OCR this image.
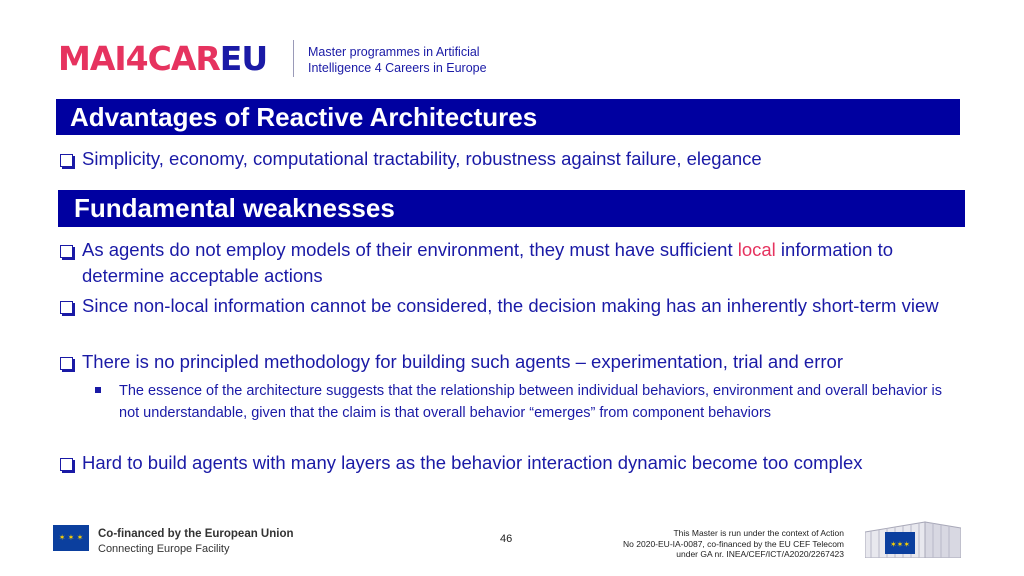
MAI4CAREU	Master programmes in Artificial
Intelligence 4 Careers in Europe
Advantages of Reactive Architectures
Simplicity, economy, computational tractability, robustness against failure, elegance
Fundamental weaknesses
As agents do not employ models of their environment, they must have sufficient local information to determine acceptable actions
Since non-local information cannot be considered, the decision making has an inherently short-term view
There is no principled methodology for building such agents – experimentation, trial and error
The essence of the architecture suggests that the relationship between individual behaviors, environment and overall behavior is not understandable, given that the claim is that overall behavior “emerges” from component behaviors
Hard to build agents with many layers as the behavior interaction dynamic become too complex
✶ ✶ ✶	Co-financed by the European Union
Connecting Europe Facility
46	This Master is run under the context of Action
No 2020-EU-IA-0087, co-financed by the EU CEF Telecom
under GA nr. INEA/CEF/ICT/A2020/2267423
✶✶✶
